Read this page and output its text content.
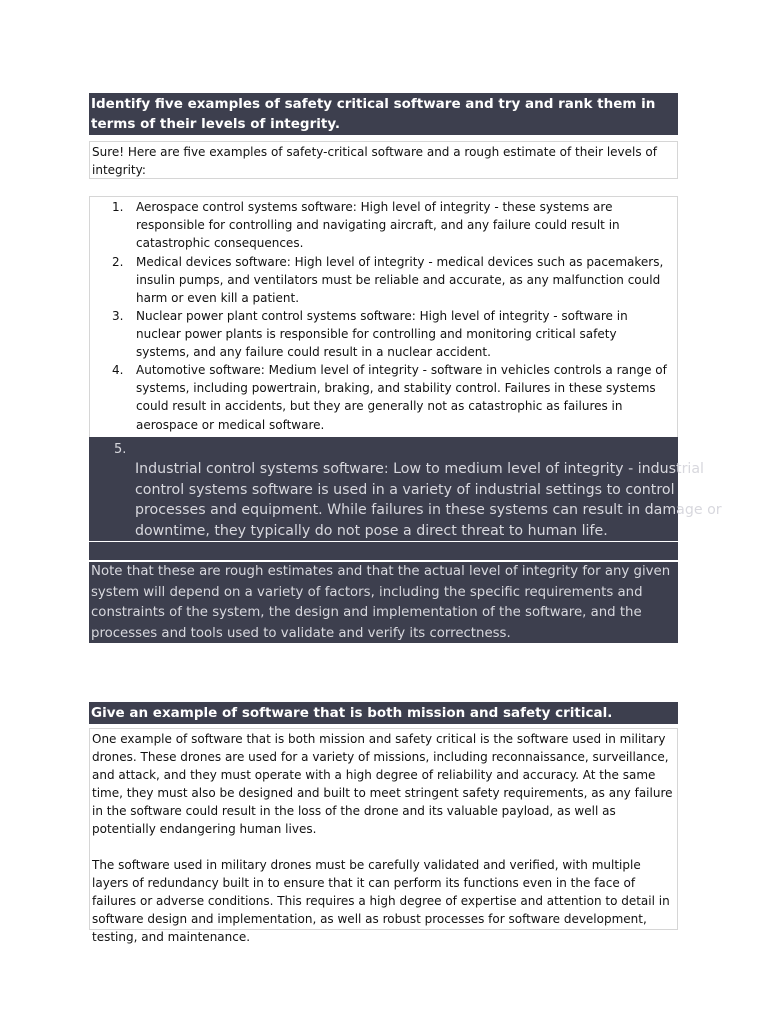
Identify five examples of safety critical software and try and rank them in terms of their levels of integrity.
Sure! Here are five examples of safety-critical software and a rough estimate of their levels of integrity:
1. Aerospace control systems software: High level of integrity - these systems are responsible for controlling and navigating aircraft, and any failure could result in catastrophic consequences.
2. Medical devices software: High level of integrity - medical devices such as pacemakers, insulin pumps, and ventilators must be reliable and accurate, as any malfunction could harm or even kill a patient.
3. Nuclear power plant control systems software: High level of integrity - software in nuclear power plants is responsible for controlling and monitoring critical safety systems, and any failure could result in a nuclear accident.
4. Automotive software: Medium level of integrity - software in vehicles controls a range of systems, including powertrain, braking, and stability control. Failures in these systems could result in accidents, but they are generally not as catastrophic as failures in aerospace or medical software.
5.
Industrial control systems software: Low to medium level of integrity - industrial
control systems software is used in a variety of industrial settings to control
processes and equipment. While failures in these systems can result in damage or
downtime, they typically do not pose a direct threat to human life.
Note that these are rough estimates and that the actual level of integrity for any given
system will depend on a variety of factors, including the specific requirements and
constraints of the system, the design and implementation of the software, and the
processes and tools used to validate and verify its correctness.
Give an example of software that is both mission and safety critical.

One example of software that is both mission and safety critical is the software used in military drones. These drones are used for a variety of missions, including reconnaissance, surveillance, and attack, and they must operate with a high degree of reliability and accuracy. At the same time, they must also be designed and built to meet stringent safety requirements, as any failure in the software could result in the loss of the drone and its valuable payload, as well as potentially endangering human lives.

The software used in military drones must be carefully validated and verified, with multiple layers of redundancy built in to ensure that it can perform its functions even in the face of failures or adverse conditions. This requires a high degree of expertise and attention to detail in software design and implementation, as well as robust processes for software development, testing, and maintenance.
